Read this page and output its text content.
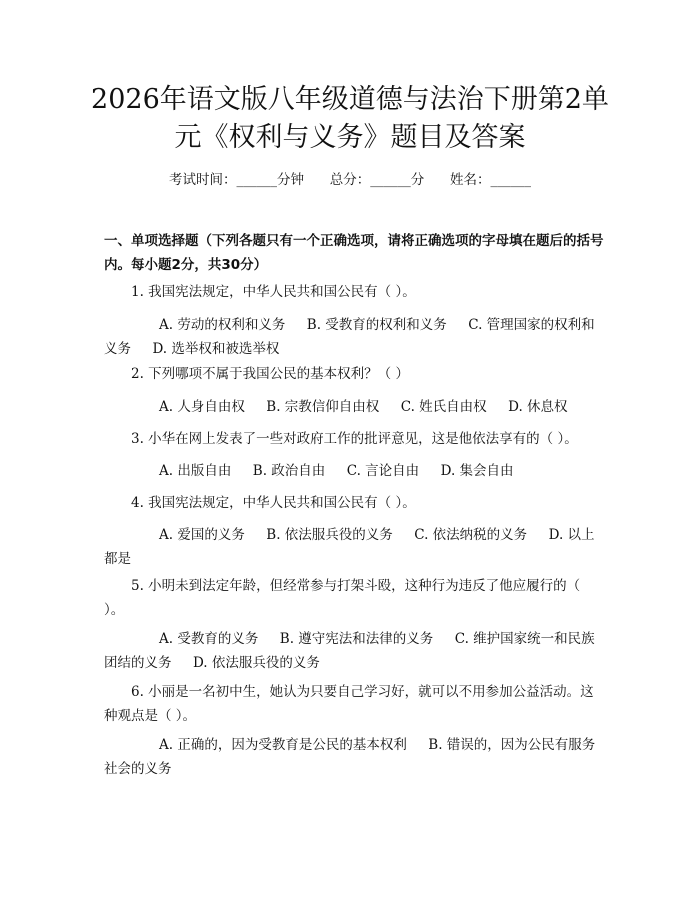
2026年语文版八年级道德与法治下册第2单
元《权利与义务》题目及答案
考试时间：______分钟      总分：______分      姓名：______
一、单项选择题（下列各题只有一个正确选项，请将正确选项的字母填在题后的括号内。每小题2分，共30分）
1. 我国宪法规定，中华人民共和国公民有（ ）。
A. 劳动的权利和义务     B. 受教育的权利和义务     C. 管理国家的权利和义务     D. 选举权和被选举权
2. 下列哪项不属于我国公民的基本权利？（ ）
A. 人身自由权     B. 宗教信仰自由权     C. 姓氏自由权     D. 休息权
3. 小华在网上发表了一些对政府工作的批评意见，这是他依法享有的（ ）。
A. 出版自由     B. 政治自由     C. 言论自由     D. 集会自由
4. 我国宪法规定，中华人民共和国公民有（ ）。
A. 爱国的义务     B. 依法服兵役的义务     C. 依法纳税的义务     D. 以上都是
5. 小明未到法定年龄，但经常参与打架斗殴，这种行为违反了他应履行的（ ）。
A. 受教育的义务     B. 遵守宪法和法律的义务     C. 维护国家统一和民族团结的义务     D. 依法服兵役的义务
6. 小丽是一名初中生，她认为只要自己学习好，就可以不用参加公益活动。这种观点是（ ）。
A. 正确的，因为受教育是公民的基本权利     B. 错误的，因为公民有服务社会的义务
